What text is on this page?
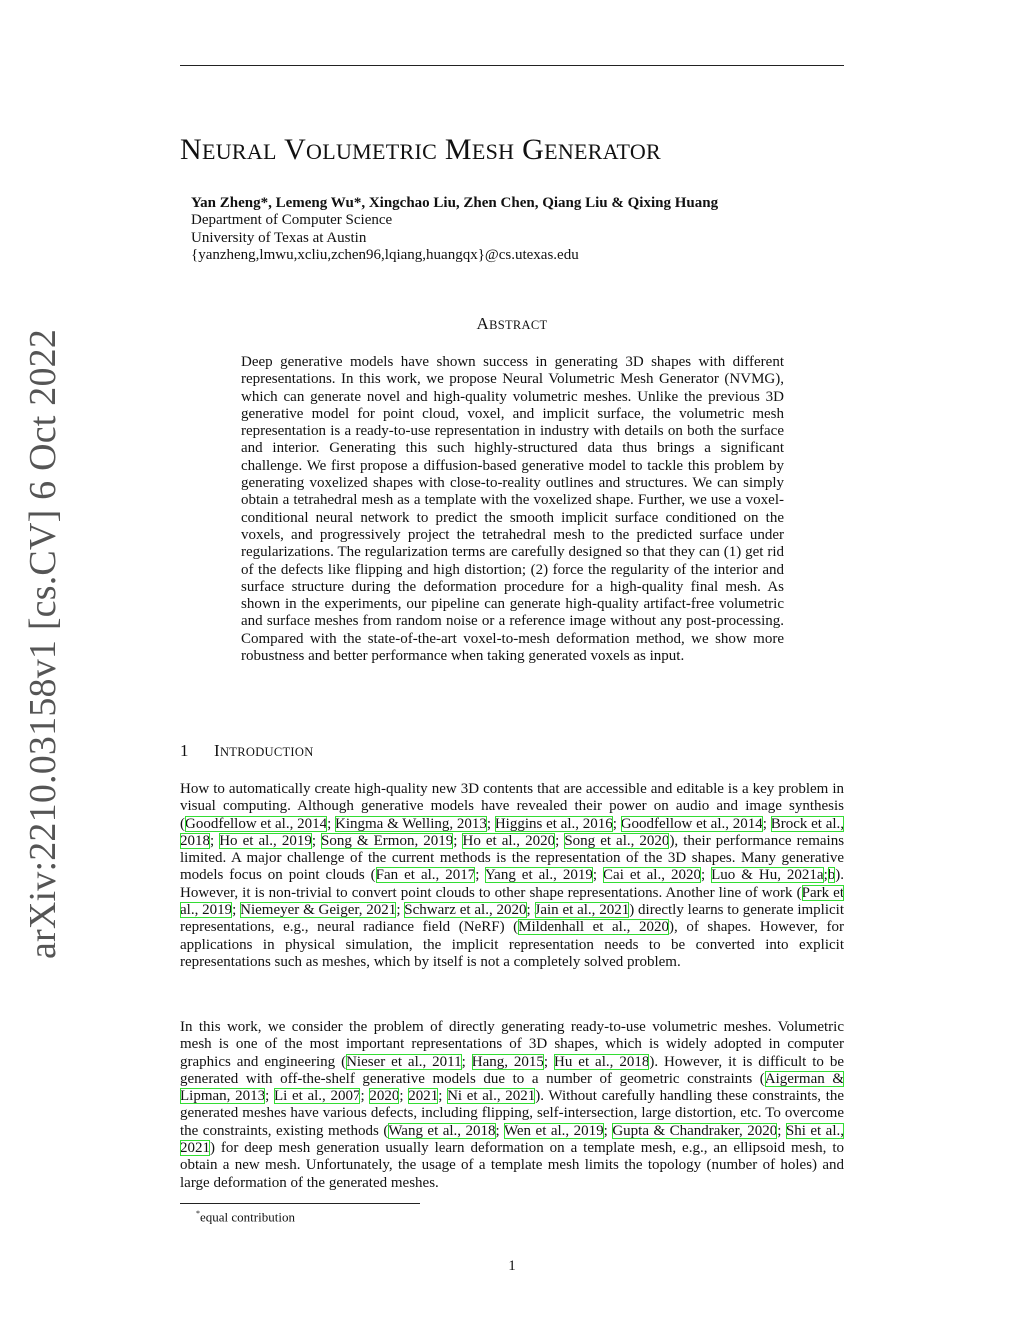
arXiv:2210.03158v1 [cs.CV] 6 Oct 2022
NEURAL VOLUMETRIC MESH GENERATOR
Yan Zheng*, Lemeng Wu*, Xingchao Liu, Zhen Chen, Qiang Liu & Qixing Huang
Department of Computer Science
University of Texas at Austin
{yanzheng,lmwu,xcliu,zchen96,lqiang,huangqx}@cs.utexas.edu
ABSTRACT

Deep generative models have shown success in generating 3D shapes with different representations. In this work, we propose Neural Volumetric Mesh Generator (NVMG), which can generate novel and high-quality volumetric meshes. Unlike the previous 3D generative model for point cloud, voxel, and implicit surface, the volumetric mesh representation is a ready-to-use representation in industry with details on both the surface and interior. Generating this such highly-structured data thus brings a significant challenge. We first propose a diffusion-based generative model to tackle this problem by generating voxelized shapes with close-to-reality outlines and structures. We can simply obtain a tetrahedral mesh as a template with the voxelized shape. Further, we use a voxel-conditional neural network to predict the smooth implicit surface conditioned on the voxels, and progressively project the tetrahedral mesh to the predicted surface under regularizations. The regularization terms are carefully designed so that they can (1) get rid of the defects like flipping and high distortion; (2) force the regularity of the interior and surface structure during the deformation procedure for a high-quality final mesh. As shown in the experiments, our pipeline can generate high-quality artifact-free volumetric and surface meshes from random noise or a reference image without any post-processing. Compared with the state-of-the-art voxel-to-mesh deformation method, we show more robustness and better performance when taking generated voxels as input.

1 INTRODUCTION

How to automatically create high-quality new 3D contents that are accessible and editable is a key problem in visual computing. Although generative models have revealed their power on audio and image synthesis (Goodfellow et al., 2014; Kingma & Welling, 2013; Higgins et al., 2016; Goodfellow et al., 2014; Brock et al., 2018; Ho et al., 2019; Song & Ermon, 2019; Ho et al., 2020; Song et al., 2020), their performance remains limited. A major challenge of the current methods is the representation of the 3D shapes. Many generative models focus on point clouds (Fan et al., 2017; Yang et al., 2019; Cai et al., 2020; Luo & Hu, 2021a;b). However, it is non-trivial to convert point clouds to other shape representations. Another line of work (Park et al., 2019; Niemeyer & Geiger, 2021; Schwarz et al., 2020; Jain et al., 2021) directly learns to generate implicit representations, e.g., neural radiance field (NeRF) (Mildenhall et al., 2020), of shapes. However, for applications in physical simulation, the implicit representation needs to be converted into explicit representations such as meshes, which by itself is not a completely solved problem.

In this work, we consider the problem of directly generating ready-to-use volumetric meshes. Volumetric mesh is one of the most important representations of 3D shapes, which is widely adopted in computer graphics and engineering (Nieser et al., 2011; Hang, 2015; Hu et al., 2018). However, it is difficult to be generated with off-the-shelf generative models due to a number of geometric constraints (Aigerman & Lipman, 2013; Li et al., 2007; 2020; 2021; Ni et al., 2021). Without carefully handling these constraints, the generated meshes have various defects, including flipping, self-intersection, large distortion, etc. To overcome the constraints, existing methods (Wang et al., 2018; Wen et al., 2019; Gupta & Chandraker, 2020; Shi et al., 2021) for deep mesh generation usually learn deformation on a template mesh, e.g., an ellipsoid mesh, to obtain a new mesh. Unfortunately, the usage of a template mesh limits the topology (number of holes) and large deformation of the generated meshes.

*equal contribution
1
